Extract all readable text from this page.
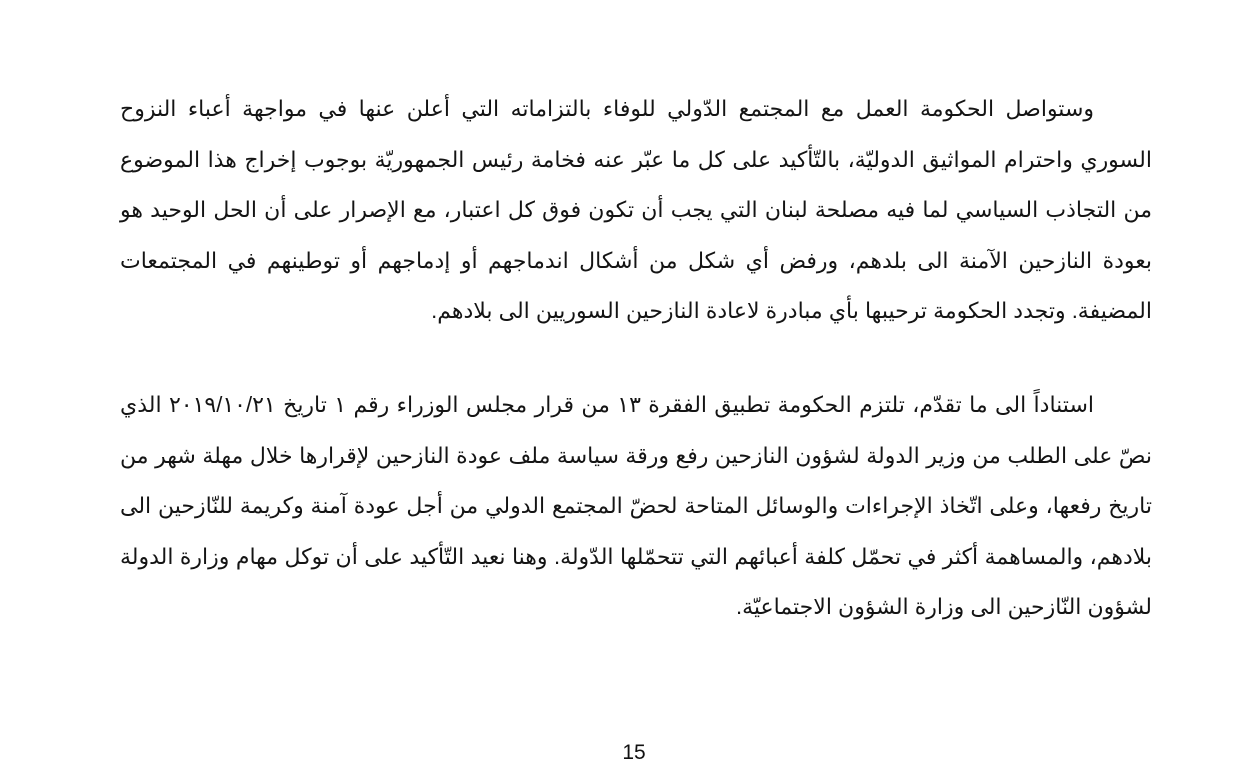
وستواصل الحكومة العمل مع المجتمع الدّولي للوفاء بالتزاماته التي أعلن عنها في مواجهة أعباء النزوح السوري واحترام المواثيق الدوليّة، بالتّأكيد على كل ما عبّر عنه فخامة رئيس الجمهوريّة بوجوب إخراج هذا الموضوع من التجاذب السياسي لما فيه مصلحة لبنان التي يجب أن تكون فوق كل اعتبار، مع الإصرار على أن الحل الوحيد هو بعودة النازحين الآمنة الى بلدهم، ورفض أي شكل من أشكال اندماجهم أو إدماجهم أو توطينهم في المجتمعات المضيفة. وتجدد الحكومة ترحيبها بأي مبادرة لاعادة النازحين السوريين الى بلادهم.

استناداً الى ما تقدّم، تلتزم الحكومة تطبيق الفقرة ١٣ من قرار مجلس الوزراء رقم ١ تاريخ ٢٠١٩/١٠/٢١ الذي نصّ على الطلب من وزير الدولة لشؤون النازحين رفع ورقة سياسة ملف عودة النازحين لإقرارها خلال مهلة شهر من تاريخ رفعها، وعلى اتّخاذ الإجراءات والوسائل المتاحة لحضّ المجتمع الدولي من أجل عودة آمنة وكريمة للنّازحين الى بلادهم، والمساهمة أكثر في تحمّل كلفة أعبائهم التي تتحمّلها الدّولة. وهنا نعيد التّأكيد على أن توكل مهام وزارة الدولة لشؤون النّازحين الى وزارة الشؤون الاجتماعيّة.

15
